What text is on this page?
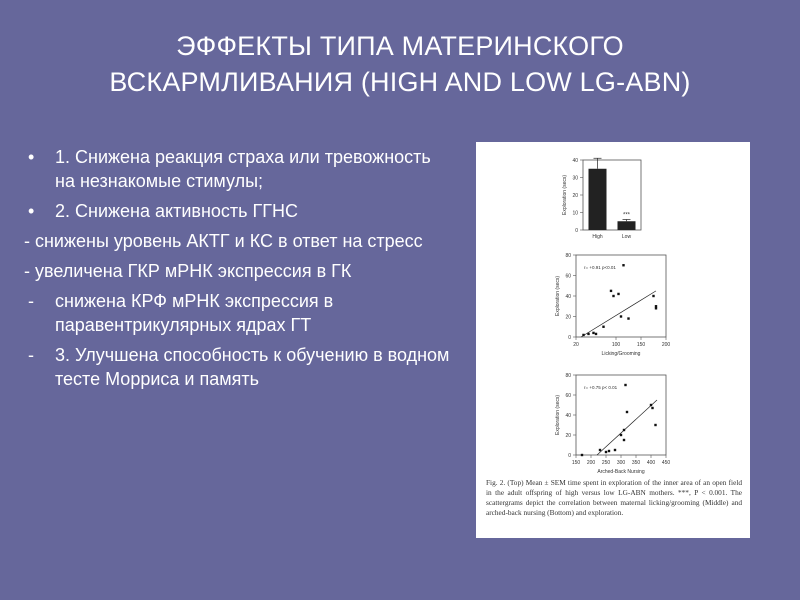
ЭФФЕКТЫ ТИПА МАТЕРИНСКОГО
ВСКАРМЛИВАНИЯ (HIGH AND LOW LG-ABN)
• 1. Снижена реакция страха или тревожность на незнакомые стимулы;
• 2. Снижена активность ГГНС
- снижены уровень АКТГ и КС в ответ на стресс
- увеличена ГКР мРНК экспрессия в ГК
- снижена КРФ мРНК экспрессия в паравентрикулярных ядрах ГТ
- 3. Улучшена способность к обучению в водном тесте Морриса и память
0
10
20
30
40
Exploration (secs)
High	Low
***
0
20
40
60
80
20	100	150	200
Licking/Grooming
Exploration (secs)
r= +0.91 p<0.01
0
20
40
60
80
150 200 250 300 350 400 450
Arched-Back Nursing
Exploration (secs)
r= +0.75 p< 0.01
Fig. 2. (Top) Mean ± SEM time spent in exploration of the inner area of an open field in the adult offspring of high versus low LG-ABN mothers. ***, P < 0.001. The scattergrams depict the correlation between maternal licking/grooming (Middle) and arched-back nursing (Bottom) and exploration.
